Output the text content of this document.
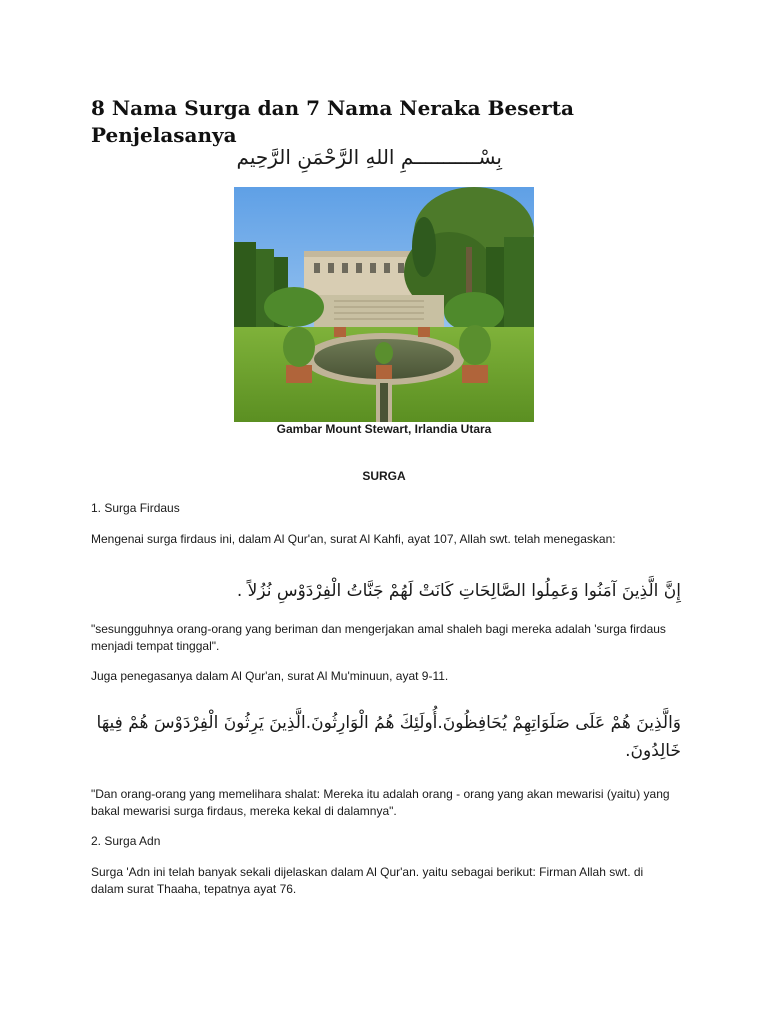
8 Nama Surga dan 7 Nama Neraka Beserta Penjelasanya
بِسْـــــــــــمِ اللهِ الرَّحْمَنِ الرَّحِيم
Gambar Mount Stewart, Irlandia Utara
SURGA
1. Surga Firdaus
Mengenai surga firdaus ini, dalam Al Qur'an, surat Al Kahfi, ayat 107, Allah swt. telah menegaskan:
إِنَّ الَّذِينَ آمَنُوا وَعَمِلُوا الصَّالِحَاتِ كَانَتْ لَهُمْ جَنَّاتُ الْفِرْدَوْسِ نُزُلاً .
"sesungguhnya orang-orang yang beriman dan mengerjakan amal shaleh bagi mereka adalah 'surga firdaus menjadi tempat tinggal".
Juga penegasanya dalam Al Qur'an, surat Al Mu'minuun, ayat 9-11.
وَالَّذِينَ هُمْ عَلَى صَلَوَاتِهِمْ يُحَافِظُونَ.أُولَئِكَ هُمُ الْوَارِثُونَ.الَّذِينَ يَرِثُونَ الْفِرْدَوْسَ هُمْ فِيهَا خَالِدُونَ.
"Dan orang-orang yang memelihara shalat: Mereka itu adalah orang - orang yang akan mewarisi (yaitu) yang bakal mewarisi surga firdaus, mereka kekal di dalamnya".
2. Surga Adn
Surga 'Adn ini telah banyak sekali dijelaskan dalam Al Qur'an. yaitu sebagai berikut: Firman Allah swt. di dalam surat Thaaha, tepatnya ayat 76.
